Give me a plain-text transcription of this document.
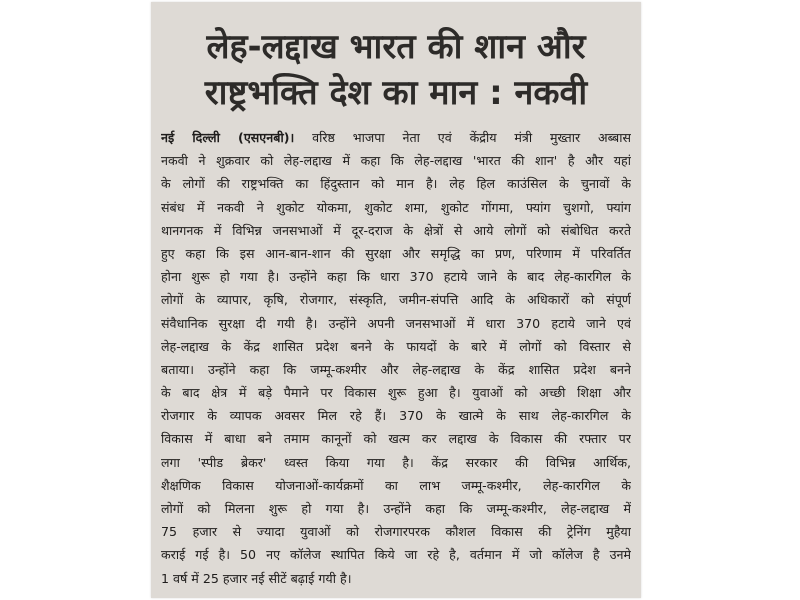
लेह-लद्दाख भारत की शान और
राष्ट्रभक्ति देश का मान : नकवी
नई दिल्ली (एसएनबी)। वरिष्ठ भाजपा नेता एवं केंद्रीय मंत्री मुख्तार अब्बास
नकवी ने शुक्रवार को लेह-लद्दाख में कहा कि लेह-लद्दाख 'भारत की शान' है और यहां
के लोगों की राष्ट्रभक्ति का हिंदुस्तान को मान है। लेह हिल काउंसिल के चुनावों के
संबंध में नकवी ने शुकोट योकमा, शुकोट शमा, शुकोट गोंगमा, फ्यांग चुशगो, फ्यांग
थानगनक में विभिन्न जनसभाओं में दूर-दराज के क्षेत्रों से आये लोगों को संबोधित करते
हुए कहा कि इस आन-बान-शान की सुरक्षा और समृद्धि का प्रण, परिणाम में परिवर्तित
होना शुरू हो गया है। उन्होंने कहा कि धारा 370 हटाये जाने के बाद लेह-कारगिल के
लोगों के व्यापार, कृषि, रोजगार, संस्कृति, जमीन-संपत्ति आदि के अधिकारों को संपूर्ण
संवैधानिक सुरक्षा दी गयी है। उन्होंने अपनी जनसभाओं में धारा 370 हटाये जाने एवं
लेह-लद्दाख के केंद्र शासित प्रदेश बनने के फायदों के बारे में लोगों को विस्तार से
बताया। उन्होंने कहा कि जम्मू-कश्मीर और लेह-लद्दाख के केंद्र शासित प्रदेश बनने
के बाद क्षेत्र में बड़े पैमाने पर विकास शुरू हुआ है। युवाओं को अच्छी शिक्षा और
रोजगार के व्यापक अवसर मिल रहे हैं। 370 के खात्मे के साथ लेह-कारगिल के
विकास में बाधा बने तमाम कानूनों को खत्म कर लद्दाख के विकास की रफ्तार पर
लगा 'स्पीड ब्रेकर' ध्वस्त किया गया है। केंद्र सरकार की विभिन्न आर्थिक,
शैक्षणिक विकास योजनाओं-कार्यक्रमों का लाभ जम्मू-कश्मीर, लेह-कारगिल के
लोगों को मिलना शुरू हो गया है। उन्होंने कहा कि जम्मू-कश्मीर, लेह-लद्दाख में
75 हजार से ज्यादा युवाओं को रोजगारपरक कौशल विकास की ट्रेनिंग मुहैया
कराई गई है। 50 नए कॉलेज स्थापित किये जा रहे है, वर्तमान में जो कॉलेज है उनमे
1 वर्ष में 25 हजार नई सीटें बढ़ाई गयी है।
